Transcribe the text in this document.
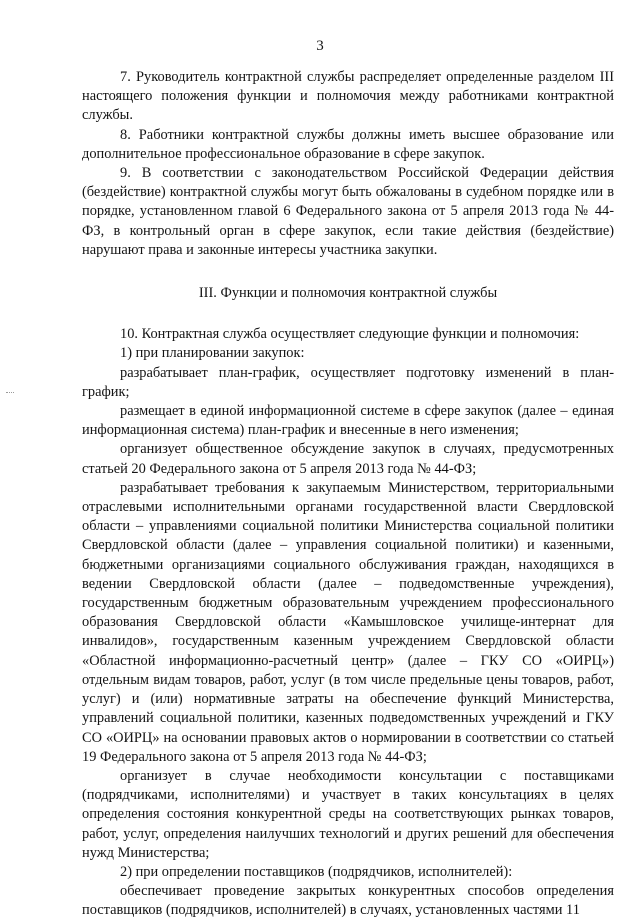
3

7. Руководитель контрактной службы распределяет определенные разделом III настоящего положения функции и полномочия между работниками контрактной службы.

8. Работники контрактной службы должны иметь высшее образование или дополнительное профессиональное образование в сфере закупок.

9. В соответствии с законодательством Российской Федерации действия (бездействие) контрактной службы могут быть обжалованы в судебном порядке или в порядке, установленном главой 6 Федерального закона от 5 апреля 2013 года № 44-ФЗ, в контрольный орган в сфере закупок, если такие действия (бездействие) нарушают права и законные интересы участника закупки.

III. Функции и полномочия контрактной службы

10. Контрактная служба осуществляет следующие функции и полномочия:

1) при планировании закупок:

разрабатывает план-график, осуществляет подготовку изменений в план-график;

размещает в единой информационной системе в сфере закупок (далее – единая информационная система) план-график и внесенные в него изменения;

организует общественное обсуждение закупок в случаях, предусмотренных статьей 20 Федерального закона от 5 апреля 2013 года № 44-ФЗ;

разрабатывает требования к закупаемым Министерством, территориальными отраслевыми исполнительными органами государственной власти Свердловской области – управлениями социальной политики Министерства социальной политики Свердловской области (далее – управления социальной политики) и казенными, бюджетными организациями социального обслуживания граждан, находящихся в ведении Свердловской области (далее – подведомственные учреждения), государственным бюджетным образовательным учреждением профессионального образования Свердловской области «Камышловское училище-интернат для инвалидов», государственным казенным учреждением Свердловской области «Областной информационно-расчетный центр» (далее – ГКУ СО «ОИРЦ») отдельным видам товаров, работ, услуг (в том числе предельные цены товаров, работ, услуг) и (или) нормативные затраты на обеспечение функций Министерства, управлений социальной политики, казенных подведомственных учреждений и ГКУ СО «ОИРЦ» на основании правовых актов о нормировании в соответствии со статьей 19 Федерального закона от 5 апреля 2013 года № 44-ФЗ;

организует в случае необходимости консультации с поставщиками (подрядчиками, исполнителями) и участвует в таких консультациях в целях определения состояния конкурентной среды на соответствующих рынках товаров, работ, услуг, определения наилучших технологий и других решений для обеспечения нужд Министерства;

2) при определении поставщиков (подрядчиков, исполнителей):

обеспечивает проведение закрытых конкурентных способов определения поставщиков (подрядчиков, исполнителей) в случаях, установленных частями 11
